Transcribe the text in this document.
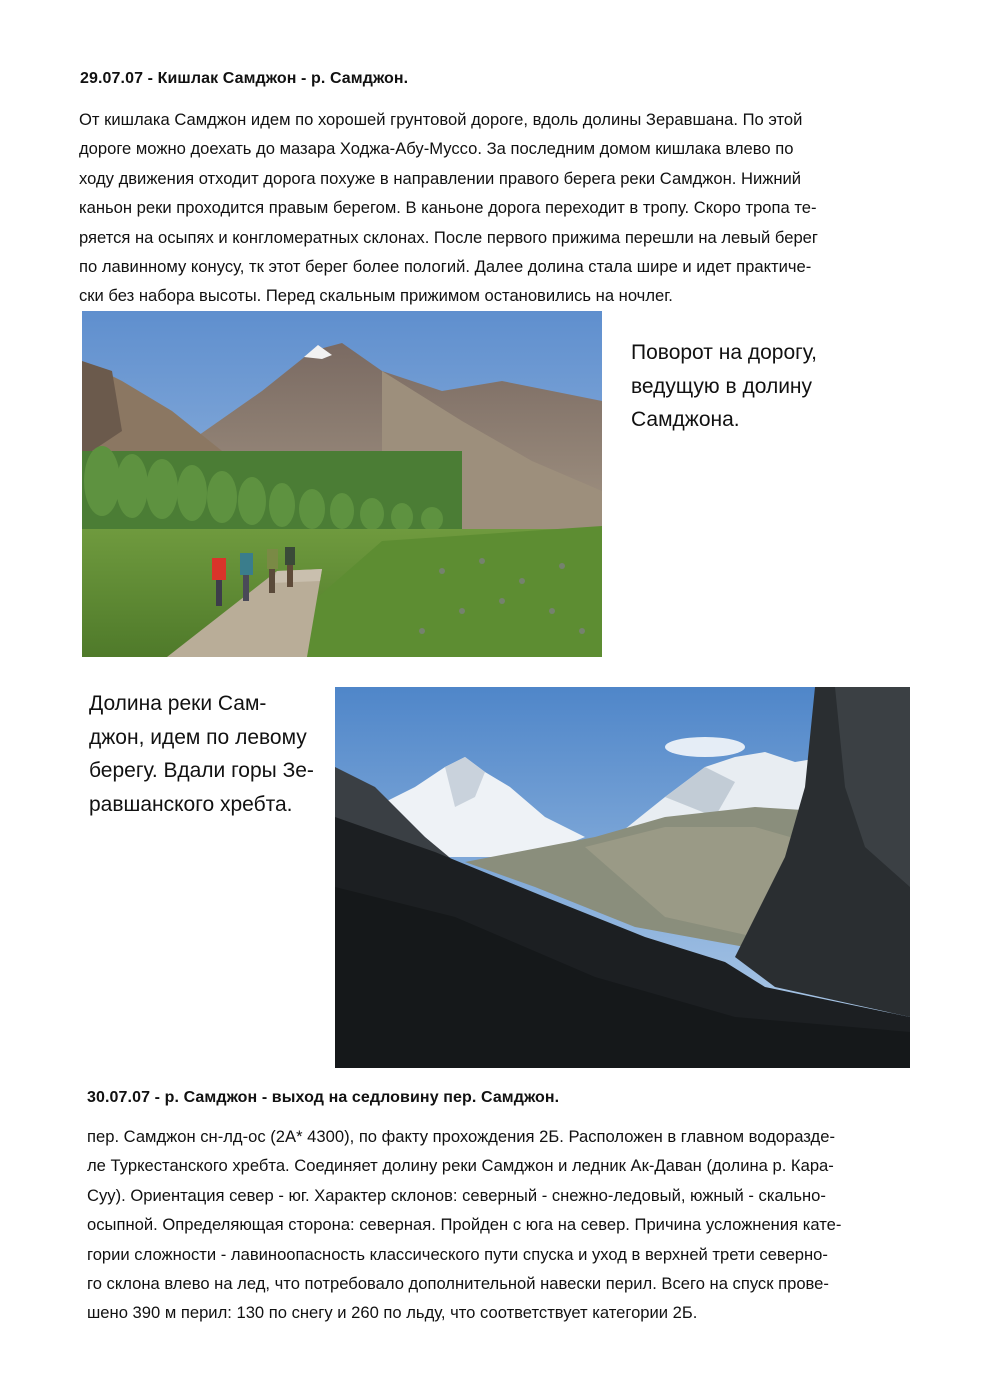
29.07.07 - Кишлак Самджон - р. Самджон.

От кишлака Самджон идем по хорошей грунтовой дороге, вдоль долины Зеравшана. По этой
дороге можно доехать до мазара Ходжа-Абу-Муссо. За последним домом кишлака влево по
ходу движения отходит дорога похуже в направлении правого берега реки Самджон. Нижний
каньон реки проходится правым берегом. В каньоне дорога переходит в тропу. Скоро тропа те-
ряется на осыпях и конгломератных склонах. После первого прижима перешли на левый берег
по лавинному конусу, тк этот берег более пологий. Далее долина стала шире и идет практиче-
ски без набора высоты. Перед скальным прижимом остановились на ночлег.

Поворот на дорогу,
ведущую в долину
Самджона.

Долина реки Сам-
джон, идем по левому
берегу. Вдали горы Зе-
равшанского хребта.

30.07.07 - р. Самджон - выход на седловину пер. Самджон.

пер. Самджон сн-лд-ос (2А* 4300), по факту прохождения 2Б. Расположен в главном водоразде-
ле Туркестанского хребта. Соединяет долину реки Самджон и ледник Ак-Даван (долина р. Кара-
Суу). Ориентация север - юг. Характер склонов: северный - снежно-ледовый, южный - скально-
осыпной. Определяющая сторона: северная. Пройден с юга на север. Причина усложнения кате-
гории сложности - лавиноопасность классического пути спуска и уход в верхней трети северно-
го склона влево на лед, что потребовало дополнительной навески перил. Всего на спуск прове-
шено 390 м перил: 130 по снегу и 260 по льду, что соответствует категории 2Б.
